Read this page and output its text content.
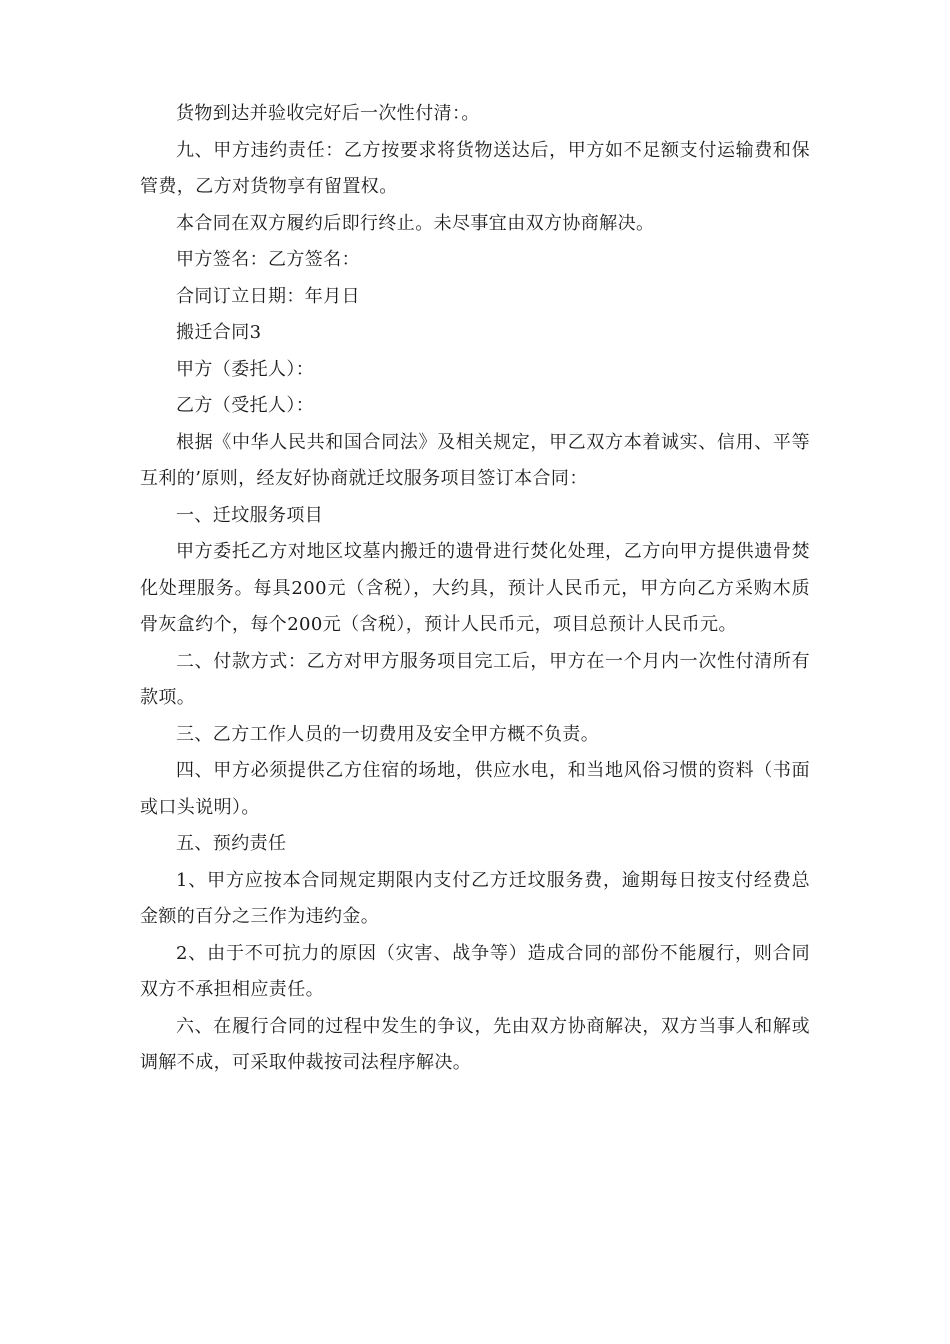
货物到达并验收完好后一次性付清：。

九、甲方违约责任：乙方按要求将货物送达后，甲方如不足额支付运输费和保管费，乙方对货物享有留置权。

本合同在双方履约后即行终止。未尽事宜由双方协商解决。

甲方签名：乙方签名：

合同订立日期：年月日

搬迁合同3

甲方（委托人）：

乙方（受托人）：

根据《中华人民共和国合同法》及相关规定，甲乙双方本着诚实、信用、平等互利的’原则，经友好协商就迁坟服务项目签订本合同：

一、迁坟服务项目

甲方委托乙方对地区坟墓内搬迁的遗骨进行焚化处理，乙方向甲方提供遗骨焚化处理服务。每具200元（含税），大约具，预计人民币元，甲方向乙方采购木质骨灰盒约个，每个200元（含税），预计人民币元，项目总预计人民币元。

二、付款方式：乙方对甲方服务项目完工后，甲方在一个月内一次性付清所有款项。

三、乙方工作人员的一切费用及安全甲方概不负责。

四、甲方必须提供乙方住宿的场地，供应水电，和当地风俗习惯的资料（书面或口头说明）。

五、预约责任

1、甲方应按本合同规定期限内支付乙方迁坟服务费，逾期每日按支付经费总金额的百分之三作为违约金。

2、由于不可抗力的原因（灾害、战争等）造成合同的部份不能履行，则合同双方不承担相应责任。

六、在履行合同的过程中发生的争议，先由双方协商解决，双方当事人和解或调解不成，可采取仲裁按司法程序解决。
